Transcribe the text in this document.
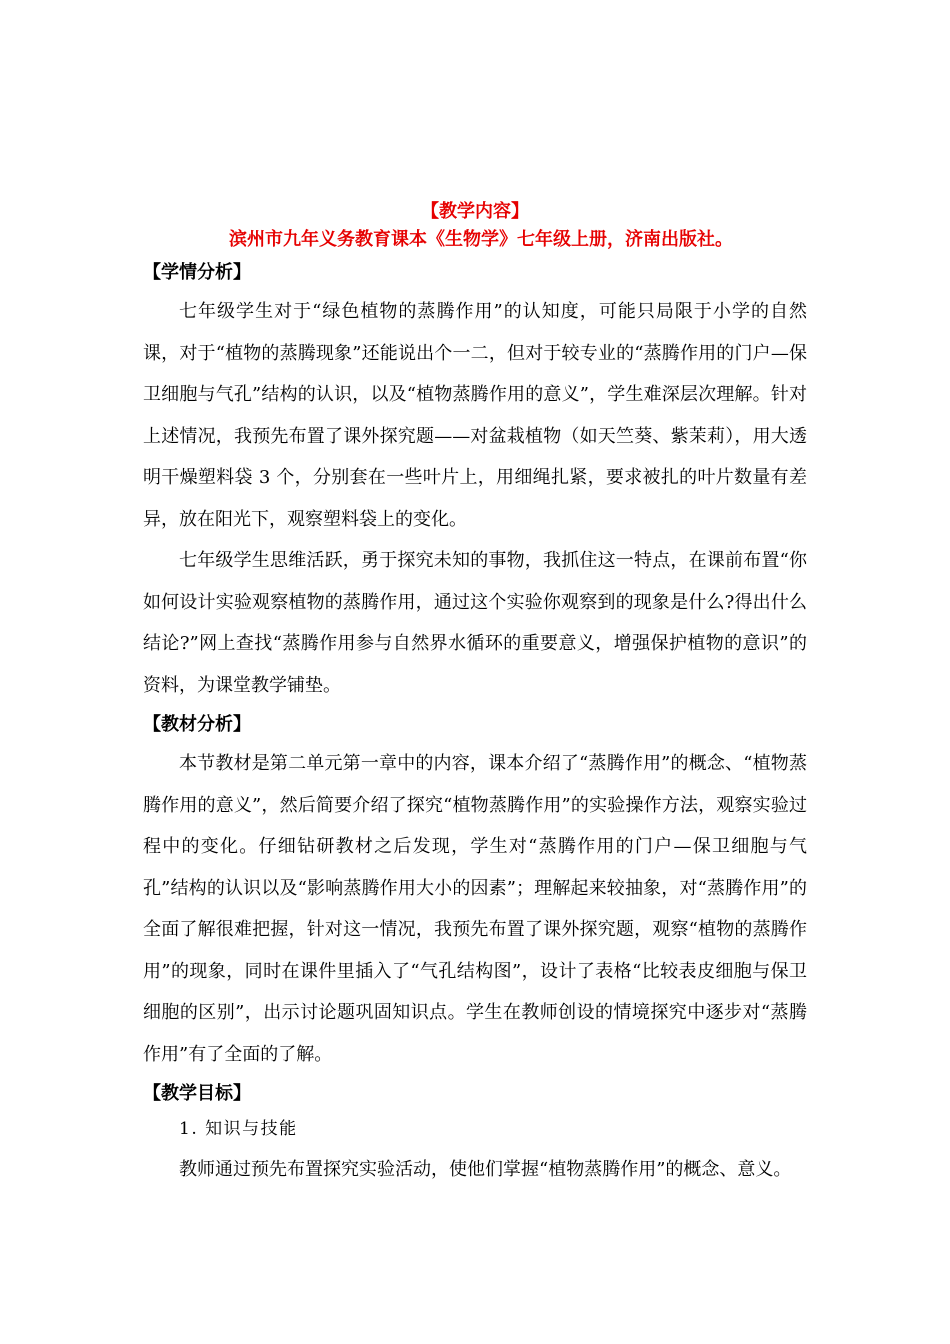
【教学内容】

滨州市九年义务教育课本《生物学》七年级上册，济南出版社。

【学情分析】

七年级学生对于“绿色植物的蒸腾作用”的认知度，可能只局限于小学的自然课，对于“植物的蒸腾现象”还能说出个一二，但对于较专业的“蒸腾作用的门户—保卫细胞与气孔”结构的认识，以及“植物蒸腾作用的意义”，学生难深层次理解。针对上述情况，我预先布置了课外探究题——对盆栽植物（如天竺葵、紫茉莉），用大透明干燥塑料袋 3 个，分别套在一些叶片上，用细绳扎紧，要求被扎的叶片数量有差异，放在阳光下，观察塑料袋上的变化。

七年级学生思维活跃，勇于探究未知的事物，我抓住这一特点，在课前布置“你如何设计实验观察植物的蒸腾作用，通过这个实验你观察到的现象是什么?得出什么结论?”网上查找“蒸腾作用参与自然界水循环的重要意义，增强保护植物的意识”的资料，为课堂教学铺垫。

【教材分析】

本节教材是第二单元第一章中的内容，课本介绍了“蒸腾作用”的概念、“植物蒸腾作用的意义”，然后简要介绍了探究“植物蒸腾作用”的实验操作方法，观察实验过程中的变化。仔细钻研教材之后发现，学生对“蒸腾作用的门户—保卫细胞与气孔”结构的认识以及“影响蒸腾作用大小的因素”；理解起来较抽象，对“蒸腾作用”的全面了解很难把握，针对这一情况，我预先布置了课外探究题，观察“植物的蒸腾作用”的现象，同时在课件里插入了“气孔结构图”，设计了表格“比较表皮细胞与保卫细胞的区别”，出示讨论题巩固知识点。学生在教师创设的情境探究中逐步对“蒸腾作用”有了全面的了解。

【教学目标】

1. 知识与技能

教师通过预先布置探究实验活动，使他们掌握“植物蒸腾作用”的概念、意义。
